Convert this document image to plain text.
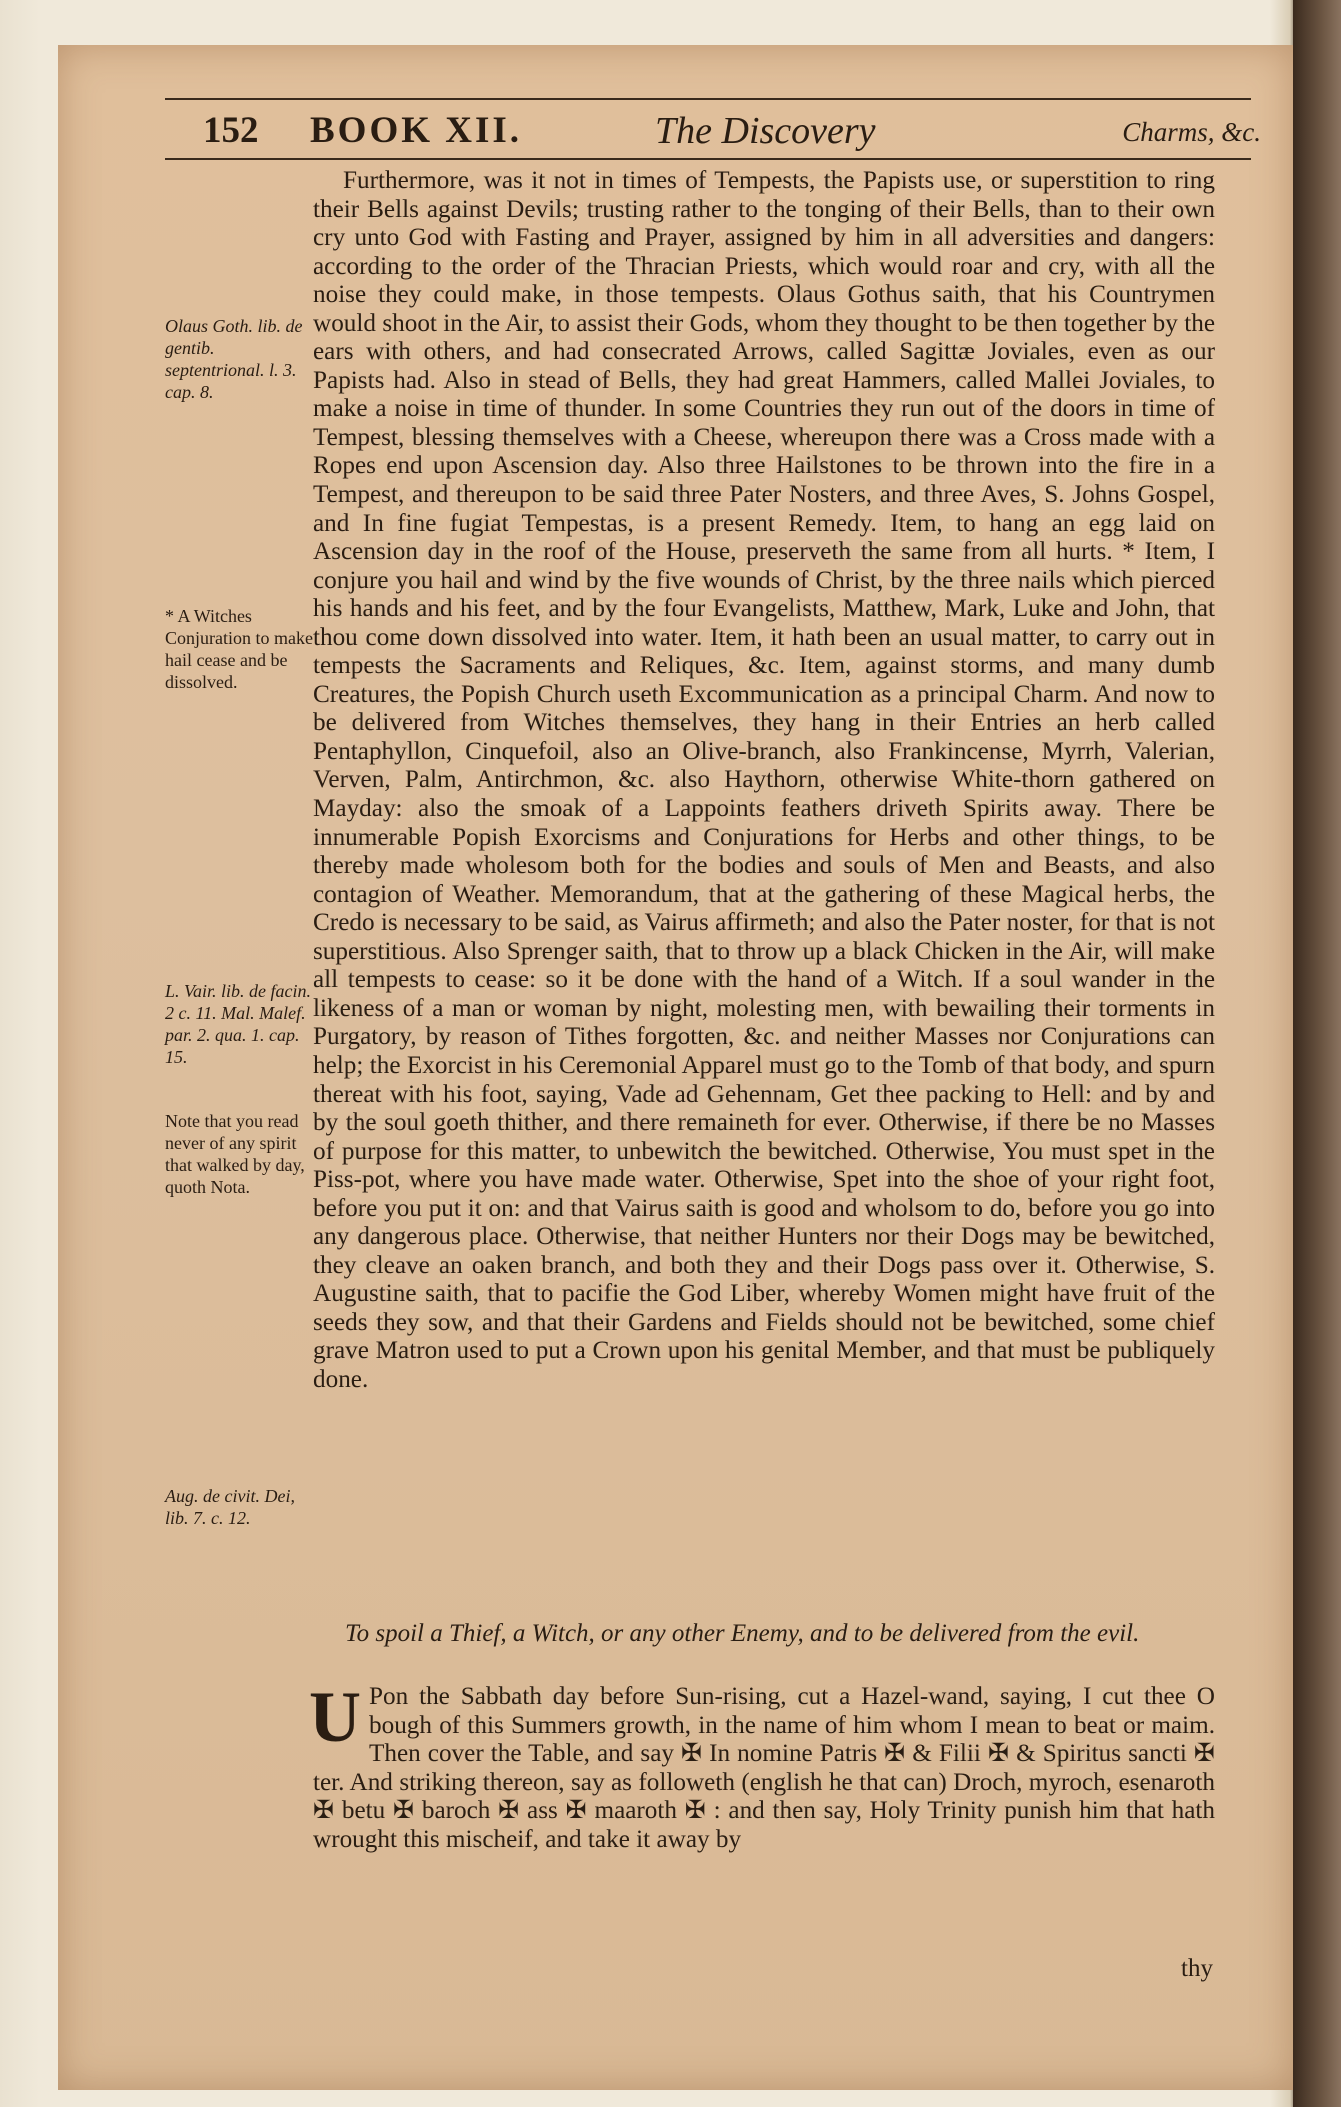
152 BOOK XII.	The Discovery	Charms, &c.
Olaus Goth. lib. de gentib. septentrional. l. 3. cap. 8.
* A Witches Conjuration to make hail cease and be dissolved.
L. Vair. lib. de facin. 2 c. 11. Mal. Malef. par. 2. qua. 1. cap. 15.
Note that you read never of any spirit that walked by day, quoth Nota.
Aug. de civit. Dei, lib. 7. c. 12.

Furthermore, was it not in times of Tempests, the Papists use, or superstition to ring their Bells against Devils; trusting rather to the tonging of their Bells, than to their own cry unto God with Fasting and Prayer, assigned by him in all adversities and dangers: according to the order of the Thracian Priests, which would roar and cry, with all the noise they could make, in those tempests. Olaus Gothus saith, that his Countrymen would shoot in the Air, to assist their Gods, whom they thought to be then together by the ears with others, and had consecrated Arrows, called Sagittæ Joviales, even as our Papists had. Also in stead of Bells, they had great Hammers, called Mallei Joviales, to make a noise in time of thunder. In some Countries they run out of the doors in time of Tempest, blessing themselves with a Cheese, whereupon there was a Cross made with a Ropes end upon Ascension day. Also three Hailstones to be thrown into the fire in a Tempest, and thereupon to be said three Pater Nosters, and three Aves, S. Johns Gospel, and In fine fugiat Tempestas, is a present Remedy. Item, to hang an egg laid on Ascension day in the roof of the House, preserveth the same from all hurts. * Item, I conjure you hail and wind by the five wounds of Christ, by the three nails which pierced his hands and his feet, and by the four Evangelists, Matthew, Mark, Luke and John, that thou come down dissolved into water. Item, it hath been an usual matter, to carry out in tempests the Sacraments and Reliques, &c. Item, against storms, and many dumb Creatures, the Popish Church useth Excommunication as a principal Charm. And now to be delivered from Witches themselves, they hang in their Entries an herb called Pentaphyllon, Cinquefoil, also an Olive-branch, also Frankincense, Myrrh, Valerian, Verven, Palm, Antirchmon, &c. also Haythorn, otherwise White-thorn gathered on Mayday: also the smoak of a Lappoints feathers driveth Spirits away. There be innumerable Popish Exorcisms and Conjurations for Herbs and other things, to be thereby made wholesom both for the bodies and souls of Men and Beasts, and also contagion of Weather. Memorandum, that at the gathering of these Magical herbs, the Credo is necessary to be said, as Vairus affirmeth; and also the Pater noster, for that is not superstitious. Also Sprenger saith, that to throw up a black Chicken in the Air, will make all tempests to cease: so it be done with the hand of a Witch. If a soul wander in the likeness of a man or woman by night, molesting men, with bewailing their torments in Purgatory, by reason of Tithes forgotten, &c. and neither Masses nor Conjurations can help; the Exorcist in his Ceremonial Apparel must go to the Tomb of that body, and spurn thereat with his foot, saying, Vade ad Gehennam, Get thee packing to Hell: and by and by the soul goeth thither, and there remaineth for ever. Otherwise, if there be no Masses of purpose for this matter, to unbewitch the bewitched. Otherwise, You must spet in the Piss-pot, where you have made water. Otherwise, Spet into the shoe of your right foot, before you put it on: and that Vairus saith is good and wholsom to do, before you go into any dangerous place. Otherwise, that neither Hunters nor their Dogs may be bewitched, they cleave an oaken branch, and both they and their Dogs pass over it. Otherwise, S. Augustine saith, that to pacifie the God Liber, whereby Women might have fruit of the seeds they sow, and that their Gardens and Fields should not be bewitched, some chief grave Matron used to put a Crown upon his genital Member, and that must be publiquely done.

To spoil a Thief, a Witch, or any other Enemy, and to be delivered from the evil.
U Pon the Sabbath day before Sun-rising, cut a Hazel-wand, saying, I cut thee O bough of this Summers growth, in the name of him whom I mean to beat or maim. Then cover the Table, and say ✠ In nomine Patris ✠ & Filii ✠ & Spiritus sancti ✠ ter. And striking thereon, say as followeth (english he that can) Droch, myroch, esenaroth ✠ betu ✠ baroch ✠ ass ✠ maaroth ✠ : and then say, Holy Trinity punish him that hath wrought this mischeif, and take it away by
thy
